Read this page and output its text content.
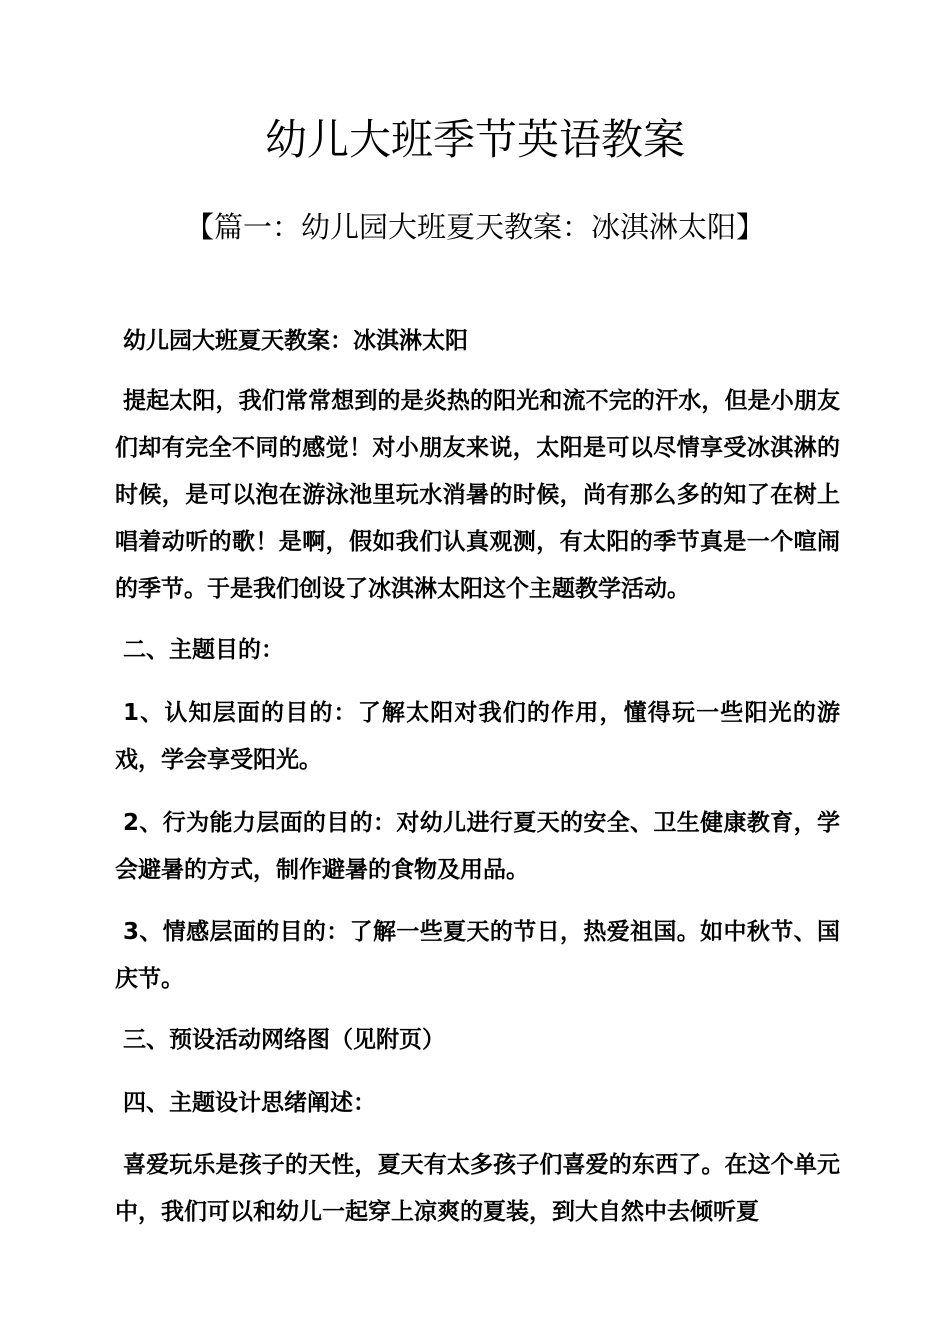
幼儿大班季节英语教案
【篇一：幼儿园大班夏天教案：冰淇淋太阳】

幼儿园大班夏天教案：冰淇淋太阳

提起太阳，我们常常想到的是炎热的阳光和流不完的汗水，但是小朋友们却有完全不同的感觉！对小朋友来说，太阳是可以尽情享受冰淇淋的时候，是可以泡在游泳池里玩水消暑的时候，尚有那么多的知了在树上唱着动听的歌！是啊，假如我们认真观测，有太阳的季节真是一个喧闹的季节。于是我们创设了冰淇淋太阳这个主题教学活动。

二、主题目的：

1、认知层面的目的：了解太阳对我们的作用，懂得玩一些阳光的游戏，学会享受阳光。

2、行为能力层面的目的：对幼儿进行夏天的安全、卫生健康教育，学会避暑的方式，制作避暑的食物及用品。

3、情感层面的目的：了解一些夏天的节日，热爱祖国。如中秋节、国庆节。

三、预设活动网络图（见附页）

四、主题设计思绪阐述：

喜爱玩乐是孩子的天性，夏天有太多孩子们喜爱的东西了。在这个单元中，我们可以和幼儿一起穿上凉爽的夏装，到大自然中去倾听夏
